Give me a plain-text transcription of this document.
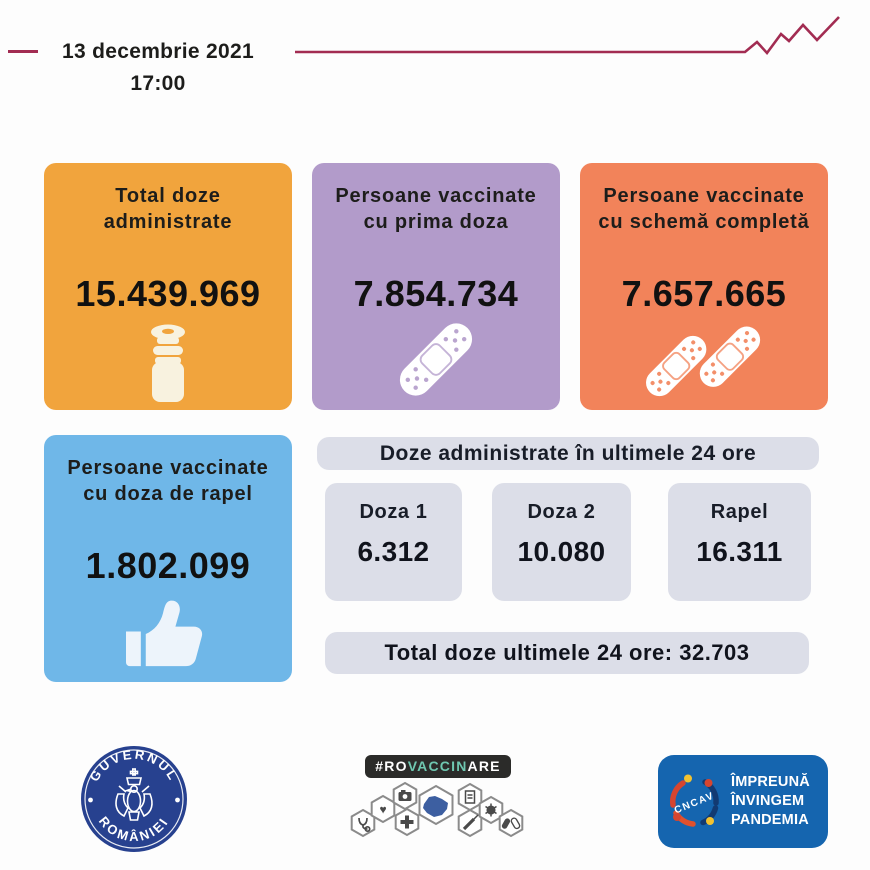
13 decembrie 2021
17:00
Total doze administrate
15.439.969
Persoane vaccinate cu prima doza
7.854.734
Persoane vaccinate cu schemă completă
7.657.665
Persoane vaccinate cu doza de rapel
1.802.099
Doze administrate în ultimele 24 ore
Doza 1
6.312
Doza 2
10.080
Rapel
16.311
Total doze ultimele 24 ore: 32.703
GUVERNUL
ROMÂNIEI
#ROVACCINARE
♥	CNCAV
ÎMPREUNĂ
ÎNVINGEM
PANDEMIA
